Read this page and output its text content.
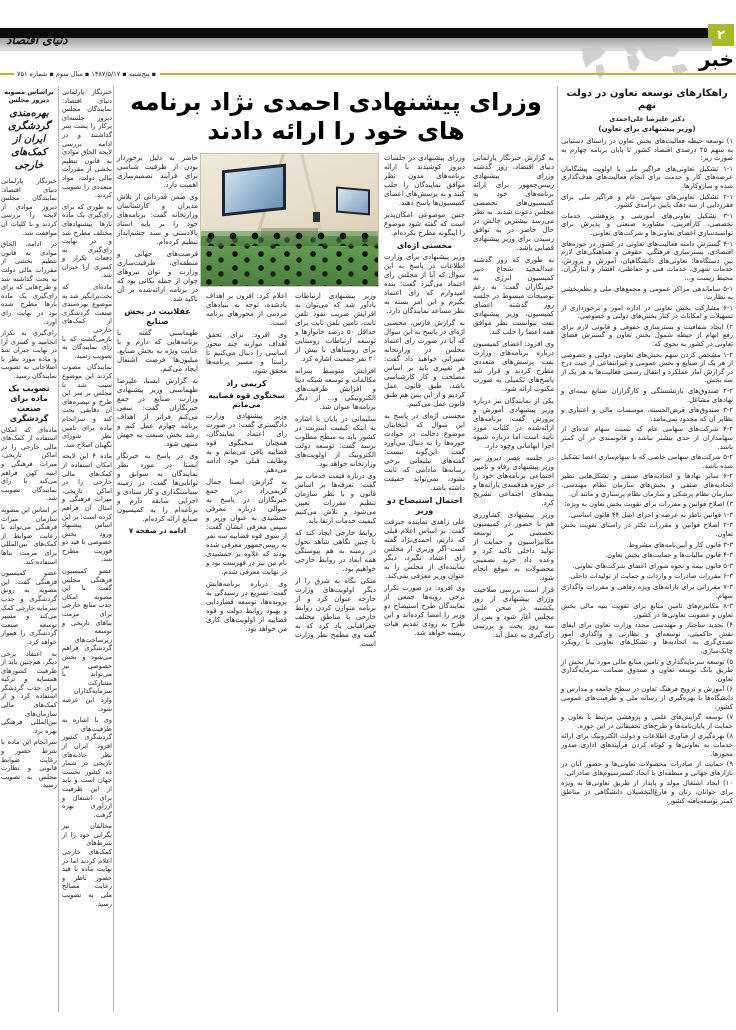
۲
دنیای اقتصاد
خبر
▪ پنج‌شنبه ▪ ۱۳۸۷/۵/۱۷ ▪ سال سوم ▪ شماره ۷۵۱
راهکارهای توسعه تعاون در دولت نهم
دکتر علیرضا علی‌احمدی
(وزیر پیشنهادی برای تعاون)

۱) توسعه حیطه فعالیت‌های بخش تعاون در راستای دستیابی به سهم ۲۵ درصدی اقتصاد کشور تا پایان برنامه چهارم به صورت زیر:

۱-۱ تشکیل تعاونی‌های فراگیر ملی با اولویت پیشگامان عرصه‌های کار و خدمت برای انجام فعالیت‌های هدف‌گذاری شده و سازوکارها.

۲-۱ تشکیل تعاونی‌های سهامی عام و فراگیر ملی برای فقرزدایی از سه دهک پایین درآمدی کشور.

۳-۱ تشکیل تعاونی‌های آموزشی و پژوهشی، خدمات تخصصی، کارآفرینی، مشاوره صنعتی و پذیرش برای توانمندسازی اعضای تعاونی‌ها و شرکت‌های تعاونی.

۴-۱ گسترش دامنه فعالیت‌های تعاونی در کشور در حوزه‌های اقتصادی، بسترسازی فرهنگی، حقوقی و هماهنگی‌های لازم بین دستگاه‌ها: تعاونی‌های دانشگاهیان، آموزش و پرورش، خدمات شهری، خدمات فنی و حفاظتی، اقشار و ایثارگران، محیط زیست و...

۵-۱ ساماندهی مراکز عمومی و مجمع‌های ملی و نظم‌بخشی به نظارت.

۶-۱ مشارکت بخش تعاونی در اداره امور و برخورداری از تسهیلات و امکانات در کنار بخش‌های دولتی و خصوصی.

۲) ایجاد شفافیت و بسترسازی حقوقی و قانونی لازم برای رفع ابهام از حیطه شمول بخش تعاون و گسترش فضای تعاونی در کشور به نحوی که:

۱-۲ مشخص کردن سهم بخش‌های تعاونی، دولتی و خصوصی از هر یک از صنایع و بخش عمومی و غیرانتفاعی از حیث درج در گزارش آمار عملکرد و انتقال رسمی فعالیت‌ها به هر یک از سه بخش.

۲-۲ صندوق‌های بازنشستگی و کارگزاران صنایع بیمه‌ای و نهادهای مشاغل.

۳-۲ صندوق‌های قرض‌الحسنه، موسسات مالی و اعتباری و نظایر آن که محدود نمی‌مانند.

۴-۲ شرکت‌های سهامی عام که نسبت سهام عده‌ای از سهامداران از حدی بیشتر نباشد و قانونمندی در آن کمتر باشد.

۵-۲ شرکت‌های سهامی خاصی که با سهام‌سازی اعضا تشکیل شده باشد.

۶-۲ سایر نهادها و اتحادیه‌های صنفی و تشکل‌هایی نظیر اتحادیه‌های صنفی و بخش‌های سازمان نظام مهندسی، سازمان نظام پزشکی و سازمان نظام پرستاری و مانند آن.

۳) اصلاح قوانین و مقررات برای تقویت بخش تعاون به ویژه:

۱-۳ قوانین ناظر به عرضه و اجرای اصل ۴۴ قانون اساسی.

۲-۳ اصلاح قوانین و مقررات تکثر در راستای تقویت بخش تعاون.

۳-۳ قانون کار و آیین‌نامه‌های مشروط.

۴-۳ قانون مالیات‌ها و حمایت‌های بخش تعاون.

۵-۳ قانون بیمه و نحوه شورای اعضای شرکت‌های تعاونی.

۶-۳ مقررات صادرات و واردات و حمایت از تولیدات داخلی.

۷-۳ مقرراتی برای یارانه‌های ویژه رفاهی و مقررات واگذاری سهام.

۸-۳ مکانیزم‌های تامین منابع برای تقویت بنیه مالی بخش تعاون و عضویت تعاونی‌ها در کشور.

۴) تجدید ساختار و مهندسی مجدد وزارت تعاون برای ایفای نقش حاکمیتی، توسعه‌ای و نظارتی و واگذاری امور تصدی‌گری به اتحادیه‌ها و تشکل‌های تعاونی با رویکرد چابک‌سازی.

۵) توسعه سرمایه‌گذاری و تامین منابع مالی مورد نیاز بخش از طریق بانک توسعه تعاون و صندوق ضمانت سرمایه‌گذاری تعاون.

۶) آموزش و ترویج فرهنگ تعاون در سطح جامعه و مدارس و دانشگاه‌ها با بهره‌گیری از رسانه ملی و ظرفیت‌های عمومی کشور.

۷) توسعه گرایش‌های علمی و پژوهشی مرتبط با تعاون و حمایت از پایان‌نامه‌ها و طرح‌های تحقیقاتی در این حوزه.

۸) بهره‌گیری از فناوری اطلاعات و دولت الکترونیک برای ارائه خدمات به تعاونی‌ها و کوتاه کردن فرآیندهای اداری صدور مجوزها.

۹) حمایت از صادرات محصولات تعاونی‌ها و حضور آنان در بازارهای جهانی و منطقه‌ای با ایجاد کنسرسیوم‌های صادراتی.

۱۰) ایجاد اشتغال مولد و پایدار از طریق تعاونی‌ها به ویژه برای جوانان، زنان و فارغ‌التحصیلان دانشگاهی در مناطق کمتر توسعه‌یافته کشور.

وزرای پیشنهادی احمدی نژاد برنامه های خود را ارائه دادند

به گزارش خبرنگار پارلمانی دنیای اقتصاد، روز گذشته وزرای پیشنهادی رییس‌جمهور برای ارائه برنامه‌های خود به کمیسیون‌های تخصصی مجلس دعوت شدند. به نظر می‌رسد بیشترین چالش در حال حاضر در به توافق رسیدن برای وزیر پیشنهادی قضایی باشد.

به طوری که روز گذشته عبدالمجید شجاع دبیر کمیسیون انرژی به خبرنگاران گفت: به رغم توضیحات مبسوط در جلسه روز گذشته اعضای کمیسیون، وزیر پیشنهادی نفت نتوانست نظر موافق همه اعضا را جلب کند.

وی افزود: اعضای کمیسیون درباره برنامه‌های وزارت نفت پرسش‌های متعددی مطرح کردند و قرار شد پاسخ‌های تکمیلی به صورت مکتوب ارائه شود.

یکی از نمایندگان نیز درباره وزیر پیشنهادی آموزش و پرورش گفت: برنامه‌های ارائه‌شده در کلیات مورد تایید است اما درباره شیوه اجرا ابهاماتی وجود دارد.

در جلسه عصر دیروز نیز وزیر پیشنهادی رفاه و تامین اجتماعی برنامه‌های خود را در حوزه هدفمندی یارانه‌ها و بیمه‌های اجتماعی تشریح کرد.

وزیر پیشنهادی کشاورزی هم با حضور در کمیسیون تخصصی بر توسعه مکانیزاسیون و حمایت از تولید داخلی تاکید کرد و وعده داد خرید تضمینی محصولات به موقع انجام شود.

قرار است بررسی صلاحیت وزرای پیشنهادی از روز یکشنبه در صحن علنی مجلس آغاز شود و پس از سه روز بحث و بررسی رای‌گیری به عمل آید.

وزرای پیشنهادی در جلسات دیروز کوشیدند با ارائه برنامه‌های مدون نظر موافق نمایندگان را جلب کنند و به پرسش‌های اعضای کمیسیون‌ها پاسخ دهند.

چنین موضوعی امکان‌پذیر است که گفته شود موضوع را اینگونه مطرح نکرده‌ام.

محسنی اژه‌ای

وزیر پیشنهادی برای وزارت اطلاعات در پاسخ به این سوال که آیا از مجلس رای اعتماد می‌گیرد گفت: بنده امیدوارم که رای اعتماد بگیرم و این امر بسته به نظر مساعد نمایندگان دارد.

به گزارش فارس، محسنی اژه‌ای در پاسخ به این سوال که آیا در صورت رای اعتماد مجلس در وزارتخانه تغییراتی خواهید داد گفت: هر تغییری باید بر اساس مصلحت و کار کارشناسی باشد، طبق قانون عمل کردیم و از این پس هم طبق قانون عمل می‌کنیم.

محسنی اژه‌ای در پاسخ به این سوال که انتخابتان موضوع دخالت در حوادث حوزه‌ها را به دنبال می‌آورد گفت: این‌گونه نیست؛ گفته‌های تبلیغاتی برخی رسانه‌ها مادامی که ثابت نشود، نمی‌تواند حقیقت داشته باشد.

احتمال استیضاح دو وزیر

علی زاهدی نماینده جیرفت گفت: بر اساس اعلام قبلی که داریم، احمدی‌نژاد گفته است اگر وزیری از مجلس رای اعتماد نگیرد، دیگر نماینده‌ای از مجلس را به عنوان وزیر معرفی نمی‌کند.

وی افزود: در صورت تکرار برخی رویه‌ها جمعی از نمایندگان طرح استیضاح دو وزیر را امضا کرده‌اند و این طرح به زودی تقدیم هیات رییسه خواهد شد.

وزیر پیشنهادی ارتباطات یادآور شد که می‌توان به افزایش ضریب نفوذ تلفن ثابت، تامین تلفن ثابت برای حداقل ۵۰ درصد خانوارها و توسعه ارتباطات روستایی برای روستاهای با بیش از ۲۰ نفر جمعیت اشاره کرد.

افزایش متوسط سرانه مکالمات و توسعه شبکه دیتا و افزایش ظرفیت‌های الکترونیکی و... از دیگر برنامه‌ها عنوان شد.

سلیمانی در پایان با اشاره به اینکه کیفیت اینترنت در کشور باید به سطح مطلوب برسد گفت: توسعه دولت الکترونیک از اولویت‌های وزارتخانه خواهد بود.

وی درباره قیمت خدمات نیز گفت: تعرفه‌ها بر اساس قانون و با نظر سازمان تنظیم مقررات تعیین می‌شود و تلاش می‌کنیم کیفیت خدمات ارتقا یابد.

روابط خارجی ایجاد کند که با چنین نگاهی شاهد تحول در زمینه به هم پیوستگی همه ابعاد در روابط خارجی خواهیم بود.

متکی نگاه به شرق را از دیگر اولویت‌های وزارت خارجه عنوان کرد و از برنامه متوازن کردن روابط خارجی با مناطق مختلف جغرافیایی یاد کرد که به گفته وی مطمح نظر وزارت است.

اعلام کرد: افزون بر اهداف یادشده، توجه به بنیادهای مردمی از محورهای برنامه است.

وی افزود: برای تحقق اهداف موازنه چند محور اساسی را دنبال می‌کنیم تا راستا و مسیر برنامه‌ها محقق شود.

کریمی راد
سخنگوی قوه قضاییه می‌مانم

وزیر پیشنهادی وزارت دادگستری گفت: در صورت رای اعتماد نمایندگان، همچنان سخنگوی قوه قضاییه باقی می‌مانم و به وظایف قبلی خود ادامه می‌دهم.

به گزارش ایسنا جمال کریمی‌راد در جمع خبرنگاران در پاسخ به سوالی درباره معرفی جمشیدی به عنوان وزیر و سپس معرفی ایشان گفت: از سوی قوه قضاییه سه نفر به رییس‌جمهور معرفی شده بودند که علاوه بر جمشیدی نام من نیز در فهرست بود و در نهایت معرفی شدم.

وی درباره برنامه‌هایش گفت: تسریع در رسیدگی به پرونده‌ها، توسعه قضازدایی و بهبود روابط دولت و قوه قضاییه از اولویت‌های کاری من خواهد بود.

حاضر به دلیل برخوردار بودن از ظرفیت شناسی برای فرآیند تصمیم‌سازی اهمیت دارد.

وی ضمن قدردانی از تلاش مدیران و کارشناسان وزارتخانه گفت: برنامه‌های خود را بر پایه اسناد بالادستی و سند چشم‌انداز تنظیم کرده‌ام.

فرصت‌های جهانی و منطقه‌ای، ظرفیت‌سازی وزارت و توان نیروهای جوان از جمله نکاتی بود که در برنامه ارائه‌شده بر آن تاکید شد.

عقلانیت در بخش صنایع

طهماسبی گفته با برنامه‌هایی که دارم و با عنایت ویژه به بخش صنایع، میلیون‌ها فرصت اشتغال ایجاد می‌کنم.

به گزارش ایسنا، علیرضا طهماسبی وزیر پیشنهادی وزارت صنایع در جمع خبرنگاران گفت: سعی می‌کنم فراتر از اهداف برنامه چهارم عمل کنم و رشد بخش صنعت به جهش منتهی شود.

وی در پاسخ به خبرنگار ایسنا در مورد نظر نمایندگان به سوابق و توانایی‌ها گفت: در زمینه سیاستگذاری و کار ستادی و اجرایی سابقه دارم و برنامه‌ام را به کمیسیون صنایع ارائه کرده‌ام.

ادامه در صفحه ۷

خبرنگار پارلمانی دنیای اقتصاد: نمایندگان مجلس دیروز جلسه‌ای پرکار را پشت سر گذاشتند و در ادامه بررسی لایحه الحاق موادی به قانون تنظیم بخشی از مقررات مالی دولت، مواد متعددی را تصویب کردند.

به طوری که برای رای‌گیری یک ماده بارها پیشنهادهای مختلف مطرح شد و در نهایت رای‌گیری به دفعات تکرار و کسری آرا جبران شد.

ماده‌ای که بحث‌برانگیز شد به موضوع بهره‌مندی صنعت گردشگری از کمک‌های خارجی بازمی‌گشت که با رای نمایندگان به تصویب رسید.

نمایندگان مصوب کردند این موضوع سبب شد تا مجلس بر سر این طرح و تبصره‌های آن دقایقی بحث کند و سرانجام ماده برای تامین نظر شورای نگهبان اصلاح شد.

ماده ۴ این لایحه امکان استفاده از کمک‌های مالی خارجی را در اماکن تاریخی، میراث فرهنگی و امثال آن فراهم کرده است؛ بر این اساس پیشنهاد ورود بخش خصوصی با قید دو فوریت مطرح شد.

عضو کمیسیون فرهنگی مجلس گفت: با این مصوبه امکان جذب منابع خارجی برای مرمت بناهای تاریخی و توسعه زیرساخت‌های گردشگری فراهم می‌شود و بخش خصوصی نیز می‌تواند با مشارکت سرمایه‌گذاران وارد این عرصه شود.

وی با اشاره به ظرفیت‌های گردشگری کشور افزود: ایران از نظر جاذبه‌های تاریخی در شمار ده کشور نخست جهان است و باید از این ظرفیت برای اشتغال و ارزآوری بهره گرفت.

مخالفان نیز نگرانی خود را از شرط‌های کمک‌های خارجی اعلام کردند اما در نهایت ماده با قید حضور ناظر و رعایت مصالح ملی به تصویب رسید.

براساس مصوبه دیروز مجلس
بهره‌مندی گردشگری ایران از کمک‌های خارجی

خبرنگار پارلمانی دنیای اقتصاد: نمایندگان مجلس دیروز موادی از لایحه را بررسی کردند و با کلیات آن موافقت شد.

در ادامه، الحاق موادی به قانون تنظیم بخشی از مقررات مالی دولت به بحث گذاشته شد و طرح‌هایی که برای رای‌گیری یک ماده بارها مطرح شده بود در نهایت رای آورد.

رای‌گیری به تکرار انجامید و کسری آرا در نهایت جبران شد و ماده مورد نظر با اصلاحاتی به تصویب نمایندگان رسید.

تصویب یک ماده برای صنعت گردشگری

ماده‌ای که امکان استفاده از کمک‌های مالی خارجی را در اماکن تاریخی، میراث فرهنگی و ابنیه کهن فراهم می‌کند با رای نمایندگان تصویب شد.

بر اساس این مصوبه سازمان میراث فرهنگی می‌تواند با رعایت ضوابط از کمک‌های بین‌المللی برای مرمت بناها استفاده کند.

عضو کمیسیون فرهنگی گفت: این مصوبه به رونق گردشگری و جذب سرمایه خارجی کمک می‌کند و مسیر توسعه صنعت گردشگری را هموار خواهد کرد.

به اعتقاد برخی دیگر، هم‌چنین باید از ظرفیت کشورهای همسایه و ترکیه برای جذب گردشگر استفاده کرد و از کمک‌های مالی سازمان‌های بین‌المللی فرهنگی بهره برد.

سرانجام این ماده با شرط حضور و رعایت ضوابط قانونی و نظارت مجلس به تصویب رسید.
